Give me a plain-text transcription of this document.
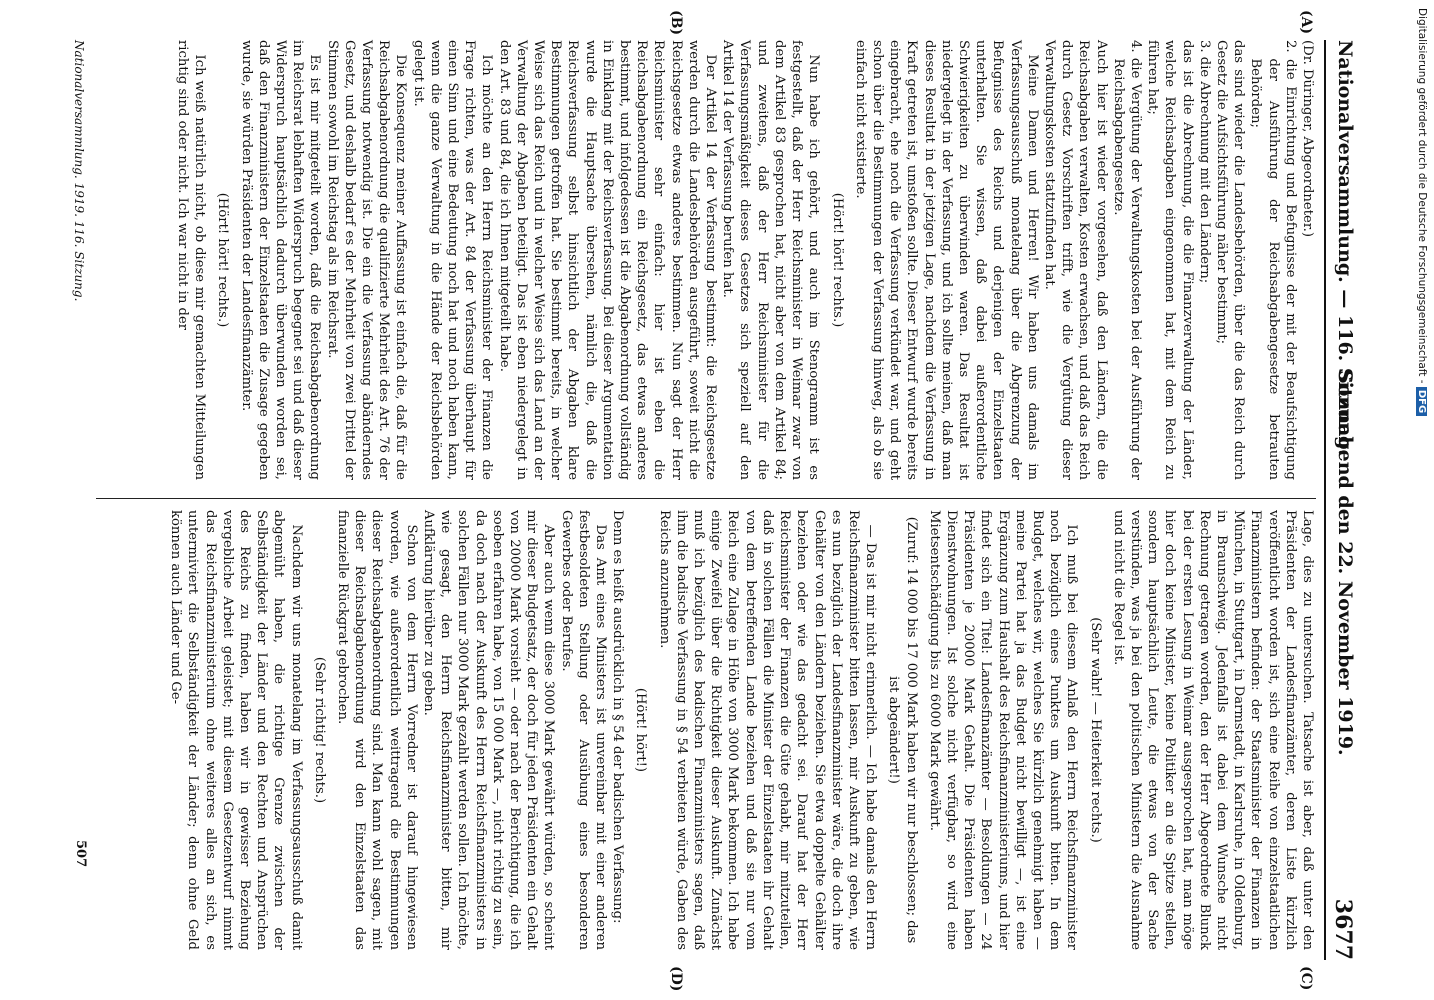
Nationalversammlung. — 116. Sitzung.
Sonnabend den 22. November 1919.
3677
(A)
(B)
(C)
(D)

(Dr. Düringer, Abgeordneter.)

2. die Einrichtung und Befugnisse der mit der Beaufsichtigung der Ausführung der Reichsabgabengesetze betrauten Behörden;

das sind wieder die Landesbehörden, über die das Reich durch Gesetz die Aufsichtsführung näher bestimmt;

3. die Abrechnung mit den Ländern;

das ist die Abrechnung, die die Finanzverwaltung der Länder, welche Reichsabgaben eingenommen hat, mit dem Reich zu führen hat;

4. die Vergütung der Verwaltungskosten bei der Ausführung der Reichsabgabengesetze.

Auch hier ist wieder vorgesehen, daß den Ländern, die die Reichsabgaben verwalten, Kosten erwachsen, und daß das Reich durch Gesetz Vorschriften trifft, wie die Vergütung dieser Verwaltungskosten stattzufinden hat.

Meine Damen und Herren! Wir haben uns damals im Verfassungsausschuß monatelang über die Abgrenzung der Befugnisse des Reichs und derjenigen der Einzelstaaten unterhalten. Sie wissen, daß dabei außerordentliche Schwierigkeiten zu überwinden waren. Das Resultat ist niedergelegt in der Verfassung, und ich sollte meinen, daß man dieses Resultat in der jetzigen Lage, nachdem die Verfassung in Kraft getreten ist, umstoßen sollte. Dieser Entwurf wurde bereits eingebracht, ehe noch die Verfassung verkündet war, und geht schon über die Bestimmungen der Verfassung hinweg, als ob sie einfach nicht existierte.

(Hört! hört! rechts.)

Nun habe ich gehört, und auch im Stenogramm ist es festgestellt, daß der Herr Reichsminister in Weimar zwar von dem Artikel 83 gesprochen hat, nicht aber von dem Artikel 84; und zweitens, daß der Herr Reichsminister für die Verfassungsmäßigkeit dieses Gesetzes sich speziell auf den Artikel 14 der Verfassung berufen hat.

Der Artikel 14 der Verfassung bestimmt: die Reichsgesetze werden durch die Landesbehörden ausgeführt, soweit nicht die Reichsgesetze etwas anderes bestimmen. Nun sagt der Herr Reichsminister sehr einfach: hier ist eben die Reichsabgabenordnung ein Reichsgesetz, das etwas anderes bestimmt, und infolgedessen ist die Abgabenordnung vollständig in Einklang mit der Reichsverfassung. Bei dieser Argumentation wurde die Hauptsache übersehen, nämlich die, daß die Reichsverfassung selbst hinsichtlich der Abgaben klare Bestimmungen getroffen hat. Sie bestimmt bereits, in welcher Weise sich das Reich und in welcher Weise sich das Land an der Verwaltung der Abgaben beteiligt. Das ist eben niedergelegt in den Art. 83 und 84, die ich Ihnen mitgeteilt habe.

Ich möchte an den Herrn Reichsminister der Finanzen die Frage richten, was der Art. 84 der Verfassung überhaupt für einen Sinn und eine Bedeutung noch hat und noch haben kann, wenn die ganze Verwaltung in die Hände der Reichsbehörden gelegt ist.

Die Konsequenz meiner Auffassung ist einfach die, daß für die Reichsabgabenordnung die qualifizierte Mehrheit des Art. 76 der Verfassung notwendig ist. Die ein die Verfassung abänderndes Gesetz, und deshalb bedarf es der Mehrheit von zwei Drittel der Stimmen sowohl im Reichstag als im Reichsrat.

Es ist mir mitgeteilt worden, daß die Reichsabgabenordnung im Reichsrat lebhaften Widerspruch begegnet sei und daß dieser Widerspruch hauptsächlich dadurch überwunden worden sei, daß den Finanzministern der Einzelstaaten die Zusage gegeben wurde, sie würden Präsidenten der Landesfinanzämter.

(Hört! hört! rechts.)

Ich weiß natürlich nicht, ob diese mir gemachten Mitteilungen richtig sind oder nicht. Ich war nicht in der

Lage, dies zu untersuchen. Tatsache ist aber, daß unter den Präsidenten der Landesfinanzämter, deren Liste kürzlich veröffentlicht worden ist, sich eine Reihe von einzelstaatlichen Finanzministern befinden: der Staatsminister der Finanzen in München, in Stuttgart, in Darmstadt, in Karlsruhe, in Oldenburg, in Braunschweig. Jedenfalls ist dabei dem Wunsche nicht Rechnung getragen worden, den der Herr Abgeordnete Blunck bei der ersten Lesung in Weimar ausgesprochen hat, man möge hier doch keine Minister, keine Politiker an die Spitze stellen, sondern hauptsächlich Leute, die etwas von der Sache verstünden, was ja bei den politischen Ministern die Ausnahme und nicht die Regel ist.

(Sehr wahr! — Heiterkeit rechts.)

Ich muß bei diesem Anlaß den Herrn Reichsfinanzminister noch bezüglich eines Punktes um Auskunft bitten. In dem Budget, welches wir, welches Sie kürzlich genehmigt haben — meine Partei hat ja das Budget nicht bewilligt —, ist eine Ergänzung zum Haushalt des Reichsfinanzministeriums, und hier findet sich ein Titel: Landesfinanzämter — Besoldungen — 24 Präsidenten je 20000 Mark Gehalt. Die Präsidenten haben Dienstwohnungen. Ist solche nicht verfügbar, so wird eine Mietsentschädigung bis zu 6000 Mark gewährt.

(Zuruf: 14 000 bis 17 000 Mark haben wir nur beschlossen; das ist abgeändert!)

— Das ist mir nicht erinnerlich. — Ich habe damals den Herrn Reichsfinanzminister bitten lassen, mir Auskunft zu geben, wie es nun bezüglich der Landesfinanzminister wäre, die doch ihre Gehälter von den Ländern beziehen. Sie etwa doppelte Gehälter beziehen oder wie das gedacht sei. Darauf hat der Herr Reichsminister der Finanzen die Güte gehabt, mir mitzuteilen, daß in solchen Fällen die Minister der Einzelstaaten ihr Gehalt von dem betreffenden Lande beziehen und daß sie nur vom Reich eine Zulage in Höhe von 3000 Mark bekommen. Ich habe einige Zweifel über die Richtigkeit dieser Auskunft. Zunächst muß ich bezüglich des badischen Finanzministers sagen, daß ihm die badische Verfassung in § 54 verbieten würde, Gaben des Reichs anzunehmen.

(Hört! hört!)

Denn es heißt ausdrücklich in § 54 der badischen Verfassung:

Das Amt eines Ministers ist unvereinbar mit einer anderen festbesoldeten Stellung oder Ausübung eines besonderen Gewerbes oder Berufes.

Aber auch wenn diese 3000 Mark gewährt würden, so scheint mir dieser Budgetsatz, der doch für jeden Präsidenten ein Gehalt von 20000 Mark vorsieht — oder nach der Berichtigung, die ich soeben erfahren habe, von 15 000 Mark —, nicht richtig zu sein, da doch nach der Auskunft des Herrn Reichsfinanzministers in solchen Fällen nur 3000 Mark gezahlt werden sollen. Ich möchte, wie gesagt, den Herrn Reichsfinanzminister bitten, mir Aufklärung hierüber zu geben.

Schon von dem Herrn Vorredner ist darauf hingewiesen worden, wie außerordentlich weittragend die Bestimmungen dieser Reichsabgabenordnung sind. Man kann wohl sagen, mit dieser Reichsabgabenordnung wird den Einzelstaaten das finanzielle Rückgrat gebrochen.

(Sehr richtig! rechts.)

Nachdem wir uns monatelang im Verfassungsausschuß damit abgemüht haben, die richtige Grenze zwischen der Selbständigkeit der Länder und den Rechten und Ansprüchen des Reichs zu finden, haben wir in gewisser Beziehung vergebliche Arbeit geleistet; mit diesem Gesetzentwurf nimmt das Reichsfinanzministerium ohne weiteres alles an sich, es untermiviert die Selbständigkeit der Länder; denn ohne Geld können auch Länder und Ge-

Nationalversammlung. 1919. 116. Sitzung.
507
Digitalisierung gefördert durch die Deutsche Forschungsgemeinschaft - DFG
